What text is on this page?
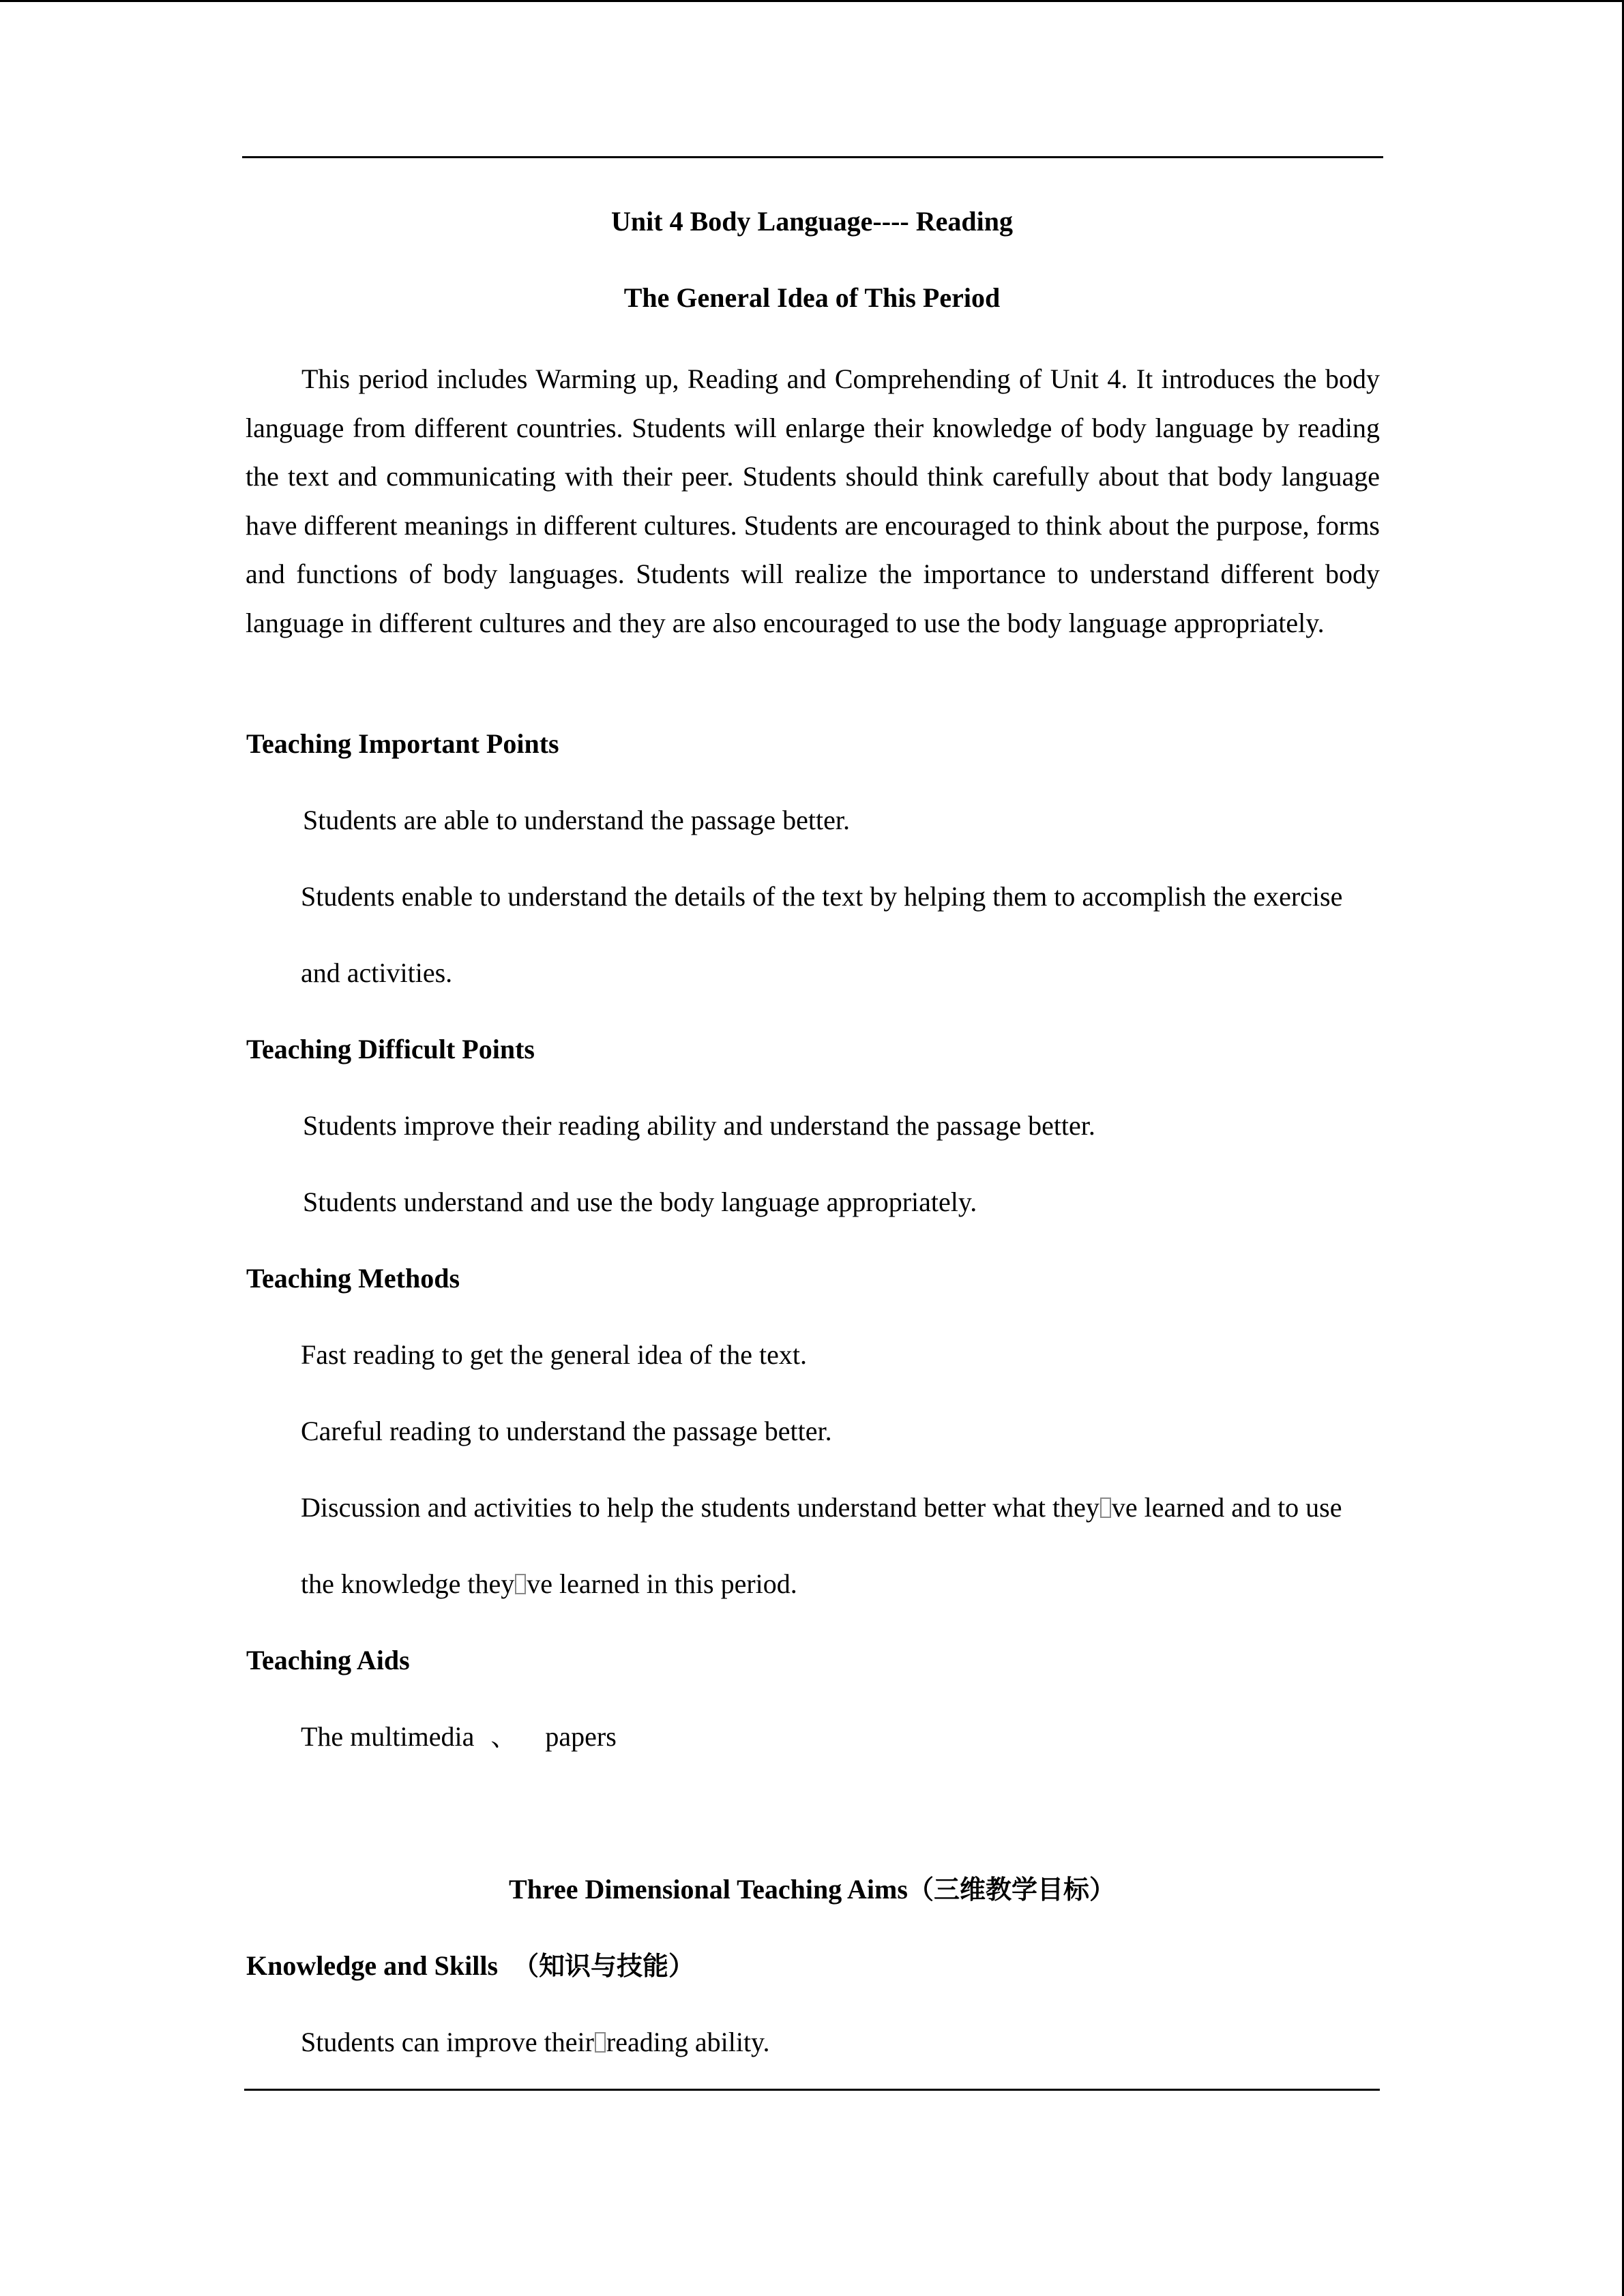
Unit 4 Body Language---- Reading
The General Idea of This Period

This period includes Warming up, Reading and Comprehending of Unit 4. It introduces the body language from different countries. Students will enlarge their knowledge of body language by reading the text and communicating with their peer. Students should think carefully about that body language have different meanings in different cultures. Students are encouraged to think about the purpose, forms and functions of body languages. Students will realize the importance to understand different body language in different cultures and they are also encouraged to use the body language appropriately.

Teaching Important Points
Students are able to understand the passage better.
Students enable to understand the details of the text by helping them to accomplish the exercise
and activities.
Teaching Difficult Points
Students improve their reading ability and understand the passage better.
Students understand and use the body language appropriately.
Teaching Methods
Fast reading to get the general idea of the text.
Careful reading to understand the passage better.
Discussion and activities to help the students understand better what they ve learned and to use
the knowledge they ve learned in this period.
Teaching Aids
The multimedia 、 papers
Three Dimensional Teaching Aims（三维教学目标）
Knowledge and Skills （知识与技能）
Students can improve their reading ability.
